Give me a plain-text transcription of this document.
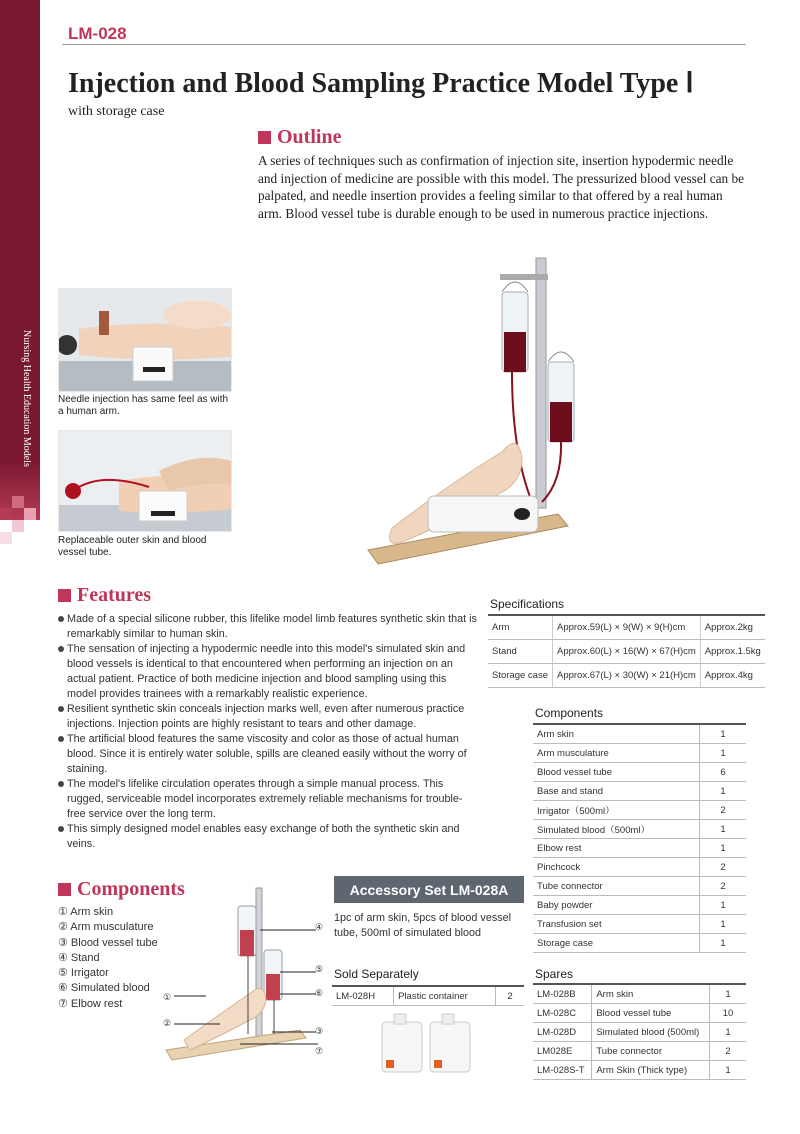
Nursing Health Education Models
LM-028
Injection and Blood Sampling Practice Model Type Ⅰ
with storage case
Outline
A series of techniques such as confirmation of injection site, insertion hypodermic needle and injection of medicine are possible with this model. The pressurized blood vessel can be palpated, and needle insertion provides a feeling similar to that offered by a real human arm. Blood vessel tube is durable enough to be used in numerous practice injections.
Needle injection has same feel as with a human arm.
Replaceable outer skin and blood vessel tube.
Features
Made of a special silicone rubber, this lifelike model limb features synthetic skin that is remarkably similar to human skin.
The sensation of injecting a hypodermic needle into this model's simulated skin and blood vessels is identical to that encountered when performing an injection on an actual patient. Practice of both medicine injection and blood sampling using this model provides trainees with a remarkably realistic experience.
Resilient synthetic skin conceals injection marks well, even after numerous practice injections. Injection points are highly resistant to tears and other damage.
The artificial blood features the same viscosity and color as those of actual human blood. Since it is entirely water soluble, spills are cleaned easily without the worry of staining.
The model's lifelike circulation operates through a simple manual process. This rugged, serviceable model incorporates extremely reliable mechanisms for trouble-free service over the long term.
This simply designed model enables easy exchange of both the synthetic skin and veins.
Specifications
Arm	Approx.59(L) × 9(W) × 9(H)cm	Approx.2kg
Stand	Approx.60(L) × 16(W) × 67(H)cm	Approx.1.5kg
Storage case	Approx.67(L) × 30(W) × 21(H)cm	Approx.4kg
Components
Arm skin	1
Arm musculature	1
Blood vessel tube	6
Base and stand	1
Irrigator（500ml）	2
Simulated blood（500ml）	1
Elbow rest	1
Pinchcock	2
Tube connector	2
Baby powder	1
Transfusion set	1
Storage case	1
Components
① Arm skin
② Arm musculature
③ Blood vessel tube
④ Stand
⑤ Irrigator
⑥ Simulated blood
⑦ Elbow rest
④
⑤
⑥
①
②
③
⑦
Accessory Set LM-028A
1pc of arm skin, 5pcs of blood vessel tube, 500ml of simulated blood
Sold Separately
LM-028H	Plastic container	2
Spares
LM-028B	Arm skin	1
LM-028C	Blood vessel tube	10
LM-028D	Simulated blood (500ml)	1
LM028E	Tube connector	2
LM-028S-T	Arm Skin (Thick type)	1
